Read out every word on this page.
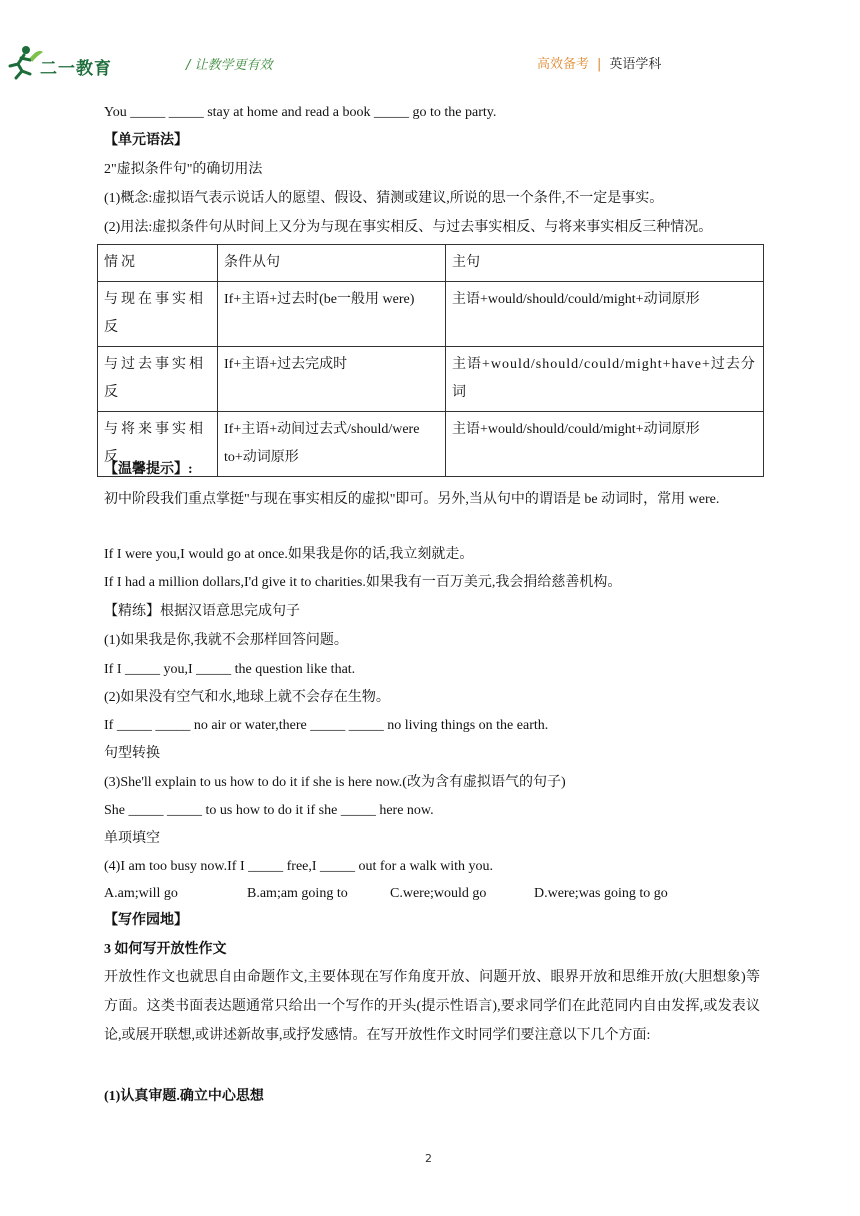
二一教育	/ 让教学更有效	高效备考 | 英语学科
You _____ _____ stay at home and read a book _____ go to the party.
【单元语法】
2"虚拟条件句"的确切用法
(1)概念:虚拟语气表示说话人的愿望、假设、猜测或建议,所说的思一个条件,不一定是事实。
(2)用法:虚拟条件句从时间上又分为与现在事实相反、与过去事实相反、与将来事实相反三种情况。
情况	条件从句	主句
与现在事实相反	If+主语+过去时(be一般用 were)	主语+would/should/could/might+动词原形
与过去事实相反	If+主语+过去完成时	主语+would/should/could/might+have+过去分词
与将来事实相反	If+主语+动间过去式/should/were to+动词原形	主语+would/should/could/might+动词原形
【温馨提示】:
初中阶段我们重点掌挺"与现在事实相反的虚拟"即可。另外,当从句中的谓语是 be 动词时，常用 were.
If I were you,I would go at once.如果我是你的话,我立刻就走。
If I had a million dollars,I'd give it to charities.如果我有一百万美元,我会捐给慈善机构。
【精练】根据汉语意思完成句子
(1)如果我是你,我就不会那样回答问题。
If I _____ you,I _____ the question like that.
(2)如果没有空气和水,地球上就不会存在生物。
If _____ _____ no air or water,there _____ _____ no living things on the earth.
句型转换
(3)She'll explain to us how to do it if she is here now.(改为含有虚拟语气的句子)
She _____ _____ to us how to do it if she _____ here now.
单项填空
(4)I am too busy now.If I _____ free,I _____ out for a walk with you.
A.am;will go	B.am;am going to	C.were;would go	D.were;was going to go
【写作园地】
3 如何写开放性作文
开放性作文也就思自由命题作文,主要体现在写作角度开放、问题开放、眼界开放和思维开放(大胆想象)等方面。这类书面表达题通常只给出一个写作的开头(提示性语言),要求同学们在此范同内自由发挥,或发表议论,或展开联想,或讲述新故事,或抒发感情。在写开放性作文时同学们要注意以下几个方面:
(1)认真审题.确立中心思想
2
